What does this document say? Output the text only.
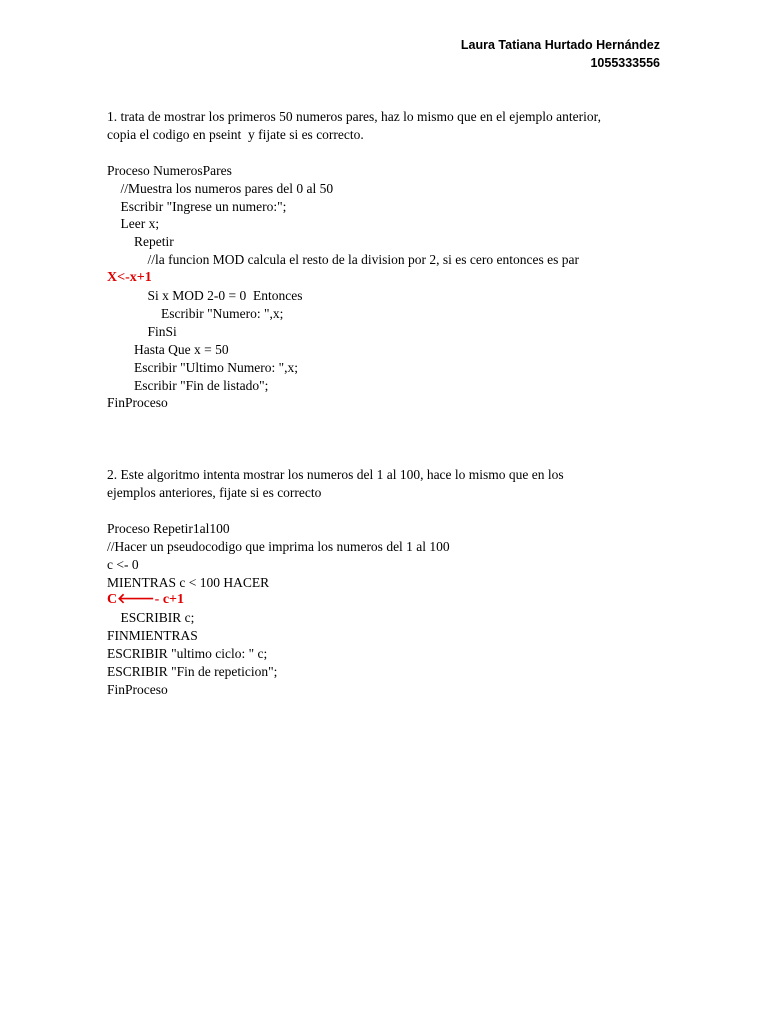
Laura Tatiana Hurtado Hernández
1055333556
1. trata de mostrar los primeros 50 numeros pares, haz lo mismo que en el ejemplo anterior,
copia el codigo en pseint  y fijate si es correcto.
Proceso NumerosPares
//Muestra los numeros pares del 0 al 50
Escribir "Ingrese un numero:";
Leer x;
Repetir
//la funcion MOD calcula el resto de la division por 2, si es cero entonces es par
X<-x+1
Si x MOD 2-0 = 0  Entonces
Escribir "Numero: ",x;
FinSi
Hasta Que x = 50
Escribir "Ultimo Numero: ",x;
Escribir "Fin de listado";
FinProceso
2. Este algoritmo intenta mostrar los numeros del 1 al 100, hace lo mismo que en los
ejemplos anteriores, fijate si es correcto
Proceso Repetir1al100
//Hacer un pseudocodigo que imprima los numeros del 1 al 100
c <- 0
MIENTRAS c < 100 HACER
C🡐- c+1
ESCRIBIR c;
FINMIENTRAS
ESCRIBIR "ultimo ciclo: " c;
ESCRIBIR "Fin de repeticion";
FinProceso
